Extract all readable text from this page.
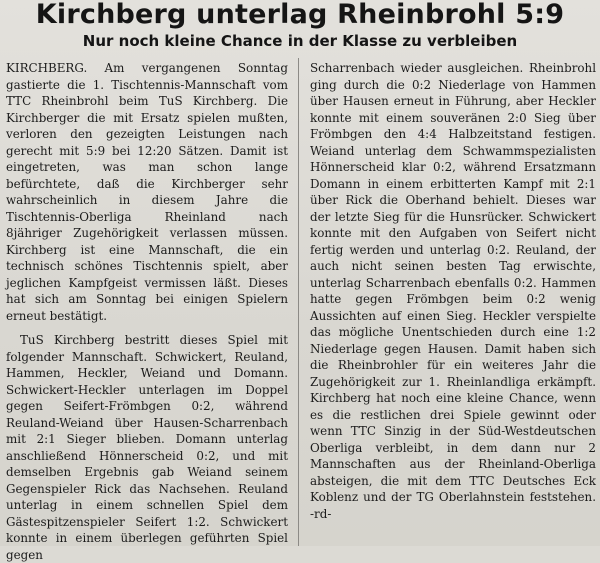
Kirchberg unterlag Rheinbrohl 5:9
Nur noch kleine Chance in der Klasse zu verbleiben

KIRCHBERG. Am vergangenen Sonntag gastierte die 1. Tischtennis-Mannschaft vom TTC Rheinbrohl beim TuS Kirchberg. Die Kirchberger die mit Ersatz spielen mußten, verloren den gezeigten Leistungen nach gerecht mit 5:9 bei 12:20 Sätzen. Damit ist eingetreten, was man schon lange befürchtete, daß die Kirchberger sehr wahrscheinlich in diesem Jahre die Tischtennis-Oberliga Rheinland nach 8jähriger Zugehörigkeit verlassen müssen. Kirchberg ist eine Mannschaft, die ein technisch schönes Tischtennis spielt, aber jeglichen Kampfgeist vermissen läßt. Dieses hat sich am Sonntag bei einigen Spielern erneut bestätigt.

TuS Kirchberg bestritt dieses Spiel mit folgender Mannschaft. Schwickert, Reuland, Hammen, Heckler, Weiand und Domann. Schwickert-Heckler unterlagen im Doppel gegen Seifert-Frömbgen 0:2, während Reuland-Weiand über Hausen-Scharrenbach mit 2:1 Sieger blieben. Domann unterlag anschließend Hönnerscheid 0:2, und mit demselben Ergebnis gab Weiand seinem Gegenspieler Rick das Nachsehen. Reuland unterlag in einem schnellen Spiel dem Gästespitzenspieler Seifert 1:2. Schwickert konnte in einem überlegen geführten Spiel gegen

Scharrenbach wieder ausgleichen. Rheinbrohl ging durch die 0:2 Niederlage von Hammen über Hausen erneut in Führung, aber Heckler konnte mit einem souveränen 2:0 Sieg über Frömbgen den 4:4 Halbzeitstand festigen. Weiand unterlag dem Schwammspezialisten Hönnerscheid klar 0:2, während Ersatzmann Domann in einem erbitterten Kampf mit 2:1 über Rick die Oberhand behielt. Dieses war der letzte Sieg für die Hunsrücker. Schwickert konnte mit den Aufgaben von Seifert nicht fertig werden und unterlag 0:2. Reuland, der auch nicht seinen besten Tag erwischte, unterlag Scharrenbach ebenfalls 0:2. Hammen hatte gegen Frömbgen beim 0:2 wenig Aussichten auf einen Sieg. Heckler verspielte das mögliche Unentschieden durch eine 1:2 Niederlage gegen Hausen. Damit haben sich die Rheinbrohler für ein weiteres Jahr die Zugehörigkeit zur 1. Rheinlandliga erkämpft. Kirchberg hat noch eine kleine Chance, wenn es die restlichen drei Spiele gewinnt oder wenn TTC Sinzig in der Süd-Westdeutschen Oberliga verbleibt, in dem dann nur 2 Mannschaften aus der Rheinland-Oberliga absteigen, die mit dem TTC Deutsches Eck Koblenz und der TG Oberlahnstein feststehen. -rd-
